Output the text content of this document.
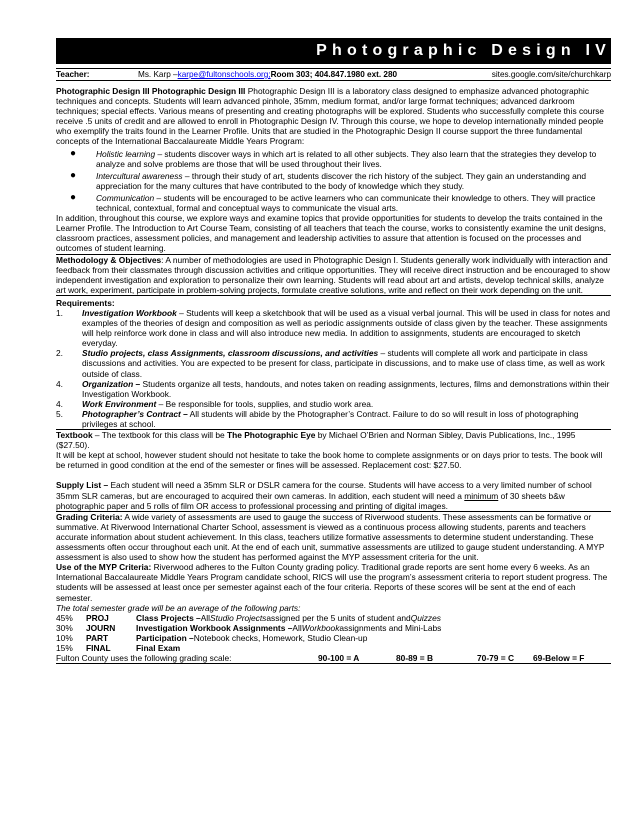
Photographic Design IV
Teacher:	Ms. Karp – karpe@fultonschools.org; Room 303; 404.847.1980 ext. 280	sites.google.com/site/churchkarp

Photographic Design III Photographic Design III Photographic Design III is a laboratory class designed to emphasize advanced photographic techniques and concepts. Students will learn advanced pinhole, 35mm, medium format, and/or large format techniques; advanced darkroom techniques; special effects. Various means of presenting and creating photographs will be explored. Students who successfully complete this course receive .5 units of credit and are allowed to enroll in Photographic Design IV. Through this course, we hope to develop internationally minded people who exemplify the traits found in the Learner Profile. Units that are studied in the Photographic Design II course support the three fundamental concepts of the International Baccalaureate Middle Years Program:

●	Holistic learning – students discover ways in which art is related to all other subjects. They also learn that the strategies they develop to analyze and solve problems are those that will be used throughout their lives.
●	Intercultural awareness – through their study of art, students discover the rich history of the subject. They gain an understanding and appreciation for the many cultures that have contributed to the body of knowledge which they study.
●	Communication – students will be encouraged to be active learners who can communicate their knowledge to others. They will practice technical, contextual, formal and conceptual ways to communicate the visual arts.

In addition, throughout this course, we explore ways and examine topics that provide opportunities for students to develop the traits contained in the Learner Profile. The Introduction to Art Course Team, consisting of all teachers that teach the course, works to consistently examine the unit designs, classroom practices, assessment policies, and management and leadership activities to assure that attention is focused on the processes and outcomes of student learning.

Methodology & Objectives: A number of methodologies are used in Photographic Design I. Students generally work individually with interaction and feedback from their classmates through discussion activities and critique opportunities. They will receive direct instruction and be encouraged to show independent investigation and exploration to personalize their own learning. Students will read about art and artists, develop technical skills, analyze art work, experiment, participate in problem-solving projects, formulate creative solutions, write and reflect on their work depending on the unit.

Requirements:

1.	Investigation Workbook – Students will keep a sketchbook that will be used as a visual verbal journal. This will be used in class for notes and examples of the theories of design and composition as well as periodic assignments outside of class given by the teacher. These assignments will help reinforce work done in class and will also introduce new media. In addition to assignments, students are encouraged to sketch everyday.
2.	Studio projects, class Assignments, classroom discussions, and activities – students will complete all work and participate in class discussions and activities. You are expected to be present for class, participate in discussions, and to make use of class time, as well as work outside of class.
4.	Organization – Students organize all tests, handouts, and notes taken on reading assignments, lectures, films and demonstrations within their Investigation Workbook.
4.	Work Environment – Be responsible for tools, supplies, and studio work area.
5.	Photographer’s Contract – All students will abide by the Photographer’s Contract. Failure to do so will result in loss of photographing privileges at school.

Textbook – The textbook for this class will be The Photographic Eye by Michael O’Brien and Norman Sibley, Davis Publications, Inc., 1995 ($27.50).

It will be kept at school, however student should not hesitate to take the book home to complete assignments or on days prior to tests. The book will be returned in good condition at the end of the semester or fines will be assessed. Replacement cost: $27.50.

Supply List – Each student will need a 35mm SLR or DSLR camera for the course. Students will have access to a very limited number of school 35mm SLR cameras, but are encouraged to acquired their own cameras. In addition, each student will need a minimum of 30 sheets b&w photographic paper and 5 rolls of film OR access to professional processing and printing of digital images.

Grading Criteria: A wide variety of assessments are used to gauge the success of Riverwood students. These assessments can be formative or summative. At Riverwood International Charter School, assessment is viewed as a continuous process allowing students, parents and teachers accurate information about student achievement. In this class, teachers utilize formative assessments to determine student understanding. These assessments often occur throughout each unit. At the end of each unit, summative assessments are utilized to gauge student understanding. A MYP assessment is also used to show how the student has performed against the MYP assessment criteria for the unit.

Use of the MYP Criteria: Riverwood adheres to the Fulton County grading policy. Traditional grade reports are sent home every 6 weeks. As an International Baccalaureate Middle Years Program candidate school, RICS will use the program’s assessment criteria to report student progress. The students will be assessed at least once per semester against each of the four criteria. Reports of these scores will be sent at the end of each semester.

The total semester grade will be an average of the following parts:

45%	PROJ	Class Projects – All Studio Projects assigned per the 5 units of student and Quizzes
30%	JOURN	Investigation Workbook Assignments – All Workbook assignments and Mini-Labs
10%	PART	Participation – Notebook checks, Homework, Studio Clean-up
15%	FINAL	Final Exam
Fulton County uses the following grading scale:	90-100 = A	80-89 = B	70-79 = C	69-Below = F
